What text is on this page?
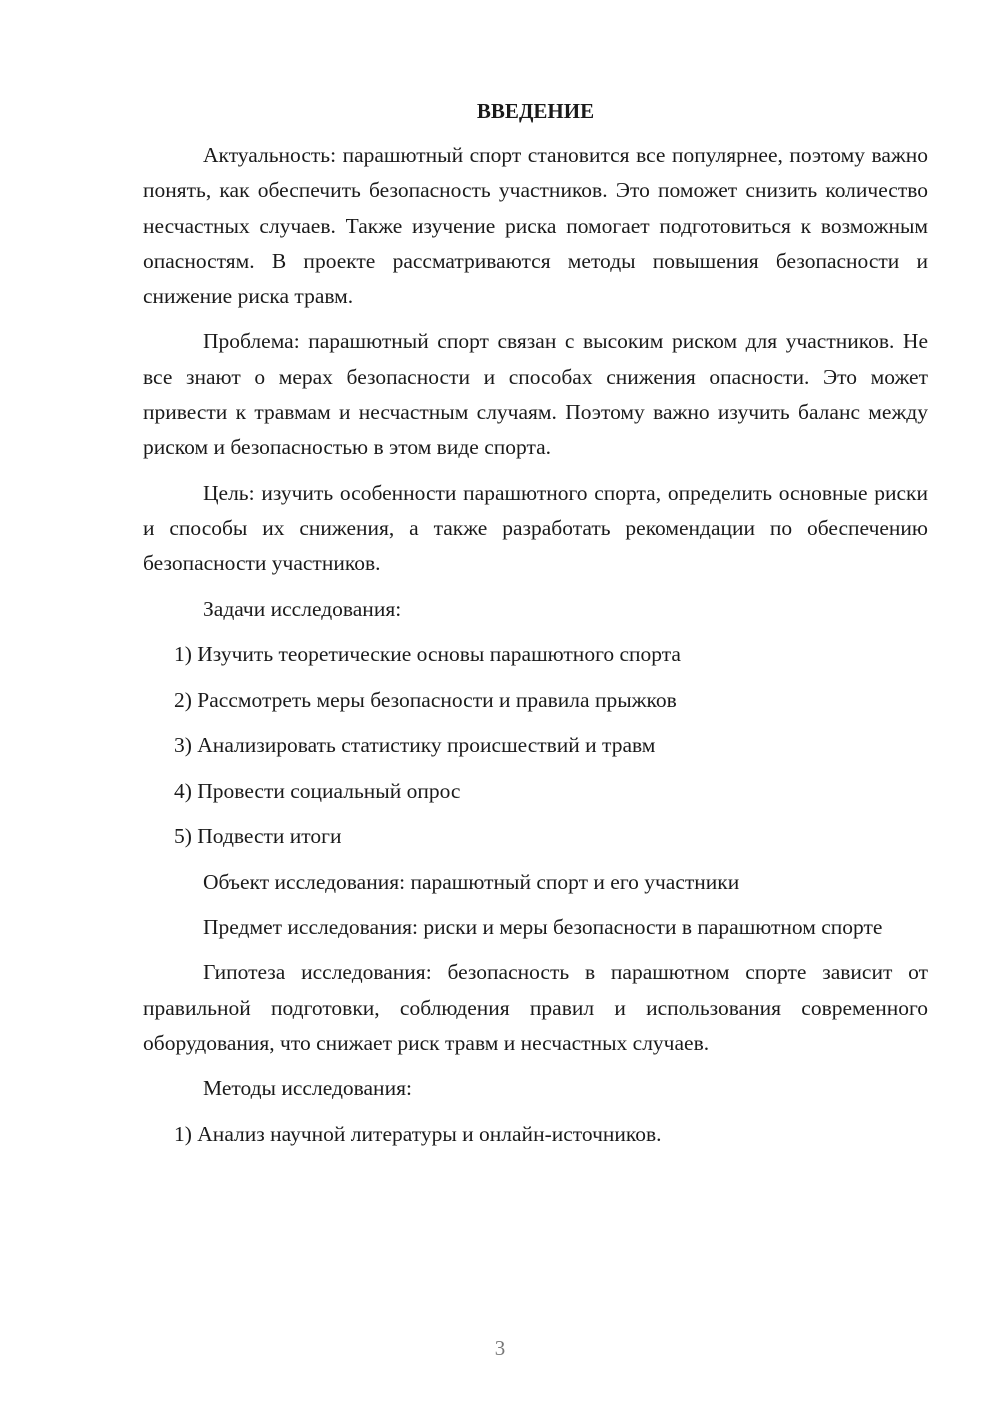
ВВЕДЕНИЕ
Актуальность: парашютный спорт становится все популярнее, поэтому важно понять, как обеспечить безопасность участников. Это поможет снизить количество несчастных случаев. Также изучение риска помогает подготовиться к возможным опасностям. В проекте рассматриваются методы повышения безопасности и снижение риска травм.
Проблема: парашютный спорт связан с высоким риском для участников. Не все знают о мерах безопасности и способах снижения опасности. Это может привести к травмам и несчастным случаям. Поэтому важно изучить баланс между риском и безопасностью в этом виде спорта.
Цель: изучить особенности парашютного спорта, определить основные риски и способы их снижения, а также разработать рекомендации по обеспечению безопасности участников.
Задачи исследования:
1) Изучить теоретические основы парашютного спорта
2) Рассмотреть меры безопасности и правила прыжков
3) Анализировать статистику происшествий и травм
4) Провести социальный опрос
5) Подвести итоги
Объект исследования: парашютный спорт и его участники
Предмет исследования: риски и меры безопасности в парашютном спорте
Гипотеза исследования: безопасность в парашютном спорте зависит от правильной подготовки, соблюдения правил и использования современного оборудования, что снижает риск травм и несчастных случаев.
Методы исследования:
1) Анализ научной литературы и онлайн-источников.
3
